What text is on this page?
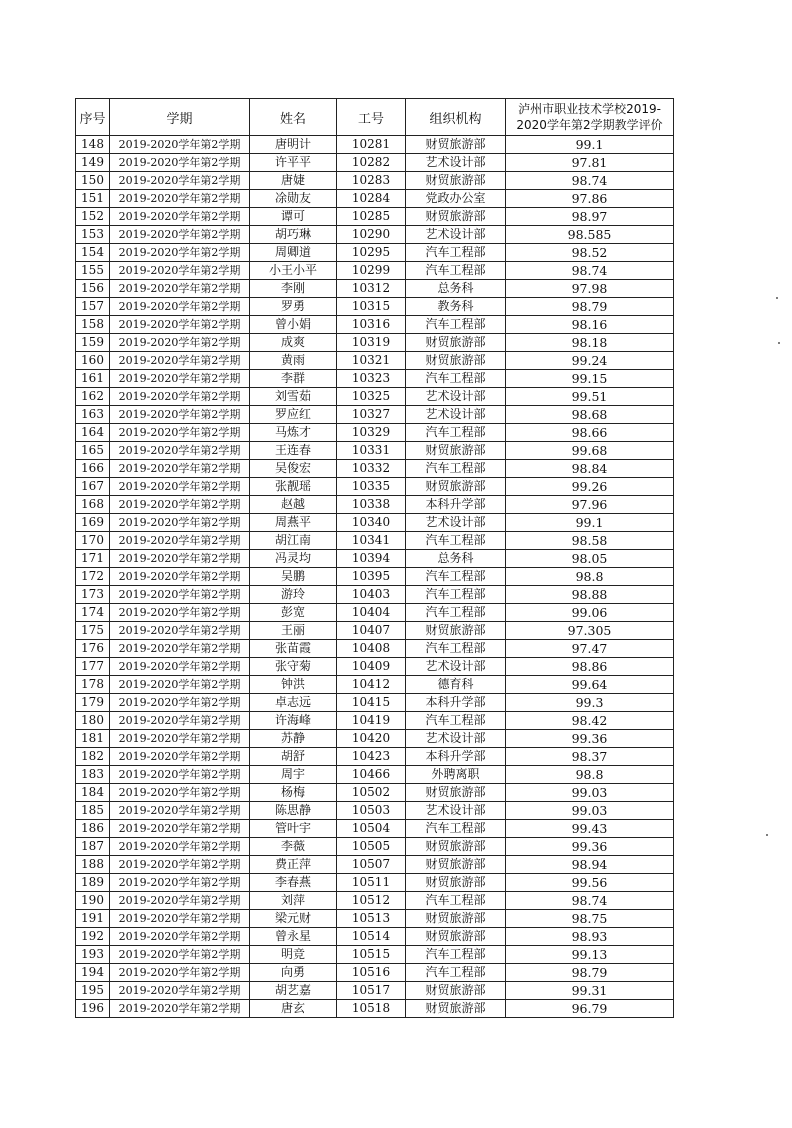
序号	学期	姓名	工号	组织机构	泸州市职业技术学校2019-2020学年第2学期教学评价
148	2019-2020学年第2学期	唐明计	10281	财贸旅游部	99.1
149	2019-2020学年第2学期	许平平	10282	艺术设计部	97.81
150	2019-2020学年第2学期	唐婕	10283	财贸旅游部	98.74
151	2019-2020学年第2学期	凃勋友	10284	党政办公室	97.86
152	2019-2020学年第2学期	谭可	10285	财贸旅游部	98.97
153	2019-2020学年第2学期	胡巧琳	10290	艺术设计部	98.585
154	2019-2020学年第2学期	周卿道	10295	汽车工程部	98.52
155	2019-2020学年第2学期	小王小平	10299	汽车工程部	98.74
156	2019-2020学年第2学期	李刚	10312	总务科	97.98
157	2019-2020学年第2学期	罗勇	10315	教务科	98.79
158	2019-2020学年第2学期	曾小娟	10316	汽车工程部	98.16
159	2019-2020学年第2学期	成爽	10319	财贸旅游部	98.18
160	2019-2020学年第2学期	黄雨	10321	财贸旅游部	99.24
161	2019-2020学年第2学期	李群	10323	汽车工程部	99.15
162	2019-2020学年第2学期	刘雪茹	10325	艺术设计部	99.51
163	2019-2020学年第2学期	罗应红	10327	艺术设计部	98.68
164	2019-2020学年第2学期	马炼才	10329	汽车工程部	98.66
165	2019-2020学年第2学期	王连春	10331	财贸旅游部	99.68
166	2019-2020学年第2学期	吴俊宏	10332	汽车工程部	98.84
167	2019-2020学年第2学期	张靓瑶	10335	财贸旅游部	99.26
168	2019-2020学年第2学期	赵越	10338	本科升学部	97.96
169	2019-2020学年第2学期	周燕平	10340	艺术设计部	99.1
170	2019-2020学年第2学期	胡江南	10341	汽车工程部	98.58
171	2019-2020学年第2学期	冯灵均	10394	总务科	98.05
172	2019-2020学年第2学期	吴鹏	10395	汽车工程部	98.8
173	2019-2020学年第2学期	游玲	10403	汽车工程部	98.88
174	2019-2020学年第2学期	彭宽	10404	汽车工程部	99.06
175	2019-2020学年第2学期	王丽	10407	财贸旅游部	97.305
176	2019-2020学年第2学期	张苗霞	10408	汽车工程部	97.47
177	2019-2020学年第2学期	张守菊	10409	艺术设计部	98.86
178	2019-2020学年第2学期	钟洪	10412	德育科	99.64
179	2019-2020学年第2学期	卓志远	10415	本科升学部	99.3
180	2019-2020学年第2学期	许海峰	10419	汽车工程部	98.42
181	2019-2020学年第2学期	苏静	10420	艺术设计部	99.36
182	2019-2020学年第2学期	胡舒	10423	本科升学部	98.37
183	2019-2020学年第2学期	周宇	10466	外聘离职	98.8
184	2019-2020学年第2学期	杨梅	10502	财贸旅游部	99.03
185	2019-2020学年第2学期	陈思静	10503	艺术设计部	99.03
186	2019-2020学年第2学期	管叶宇	10504	汽车工程部	99.43
187	2019-2020学年第2学期	李薇	10505	财贸旅游部	99.36
188	2019-2020学年第2学期	费正萍	10507	财贸旅游部	98.94
189	2019-2020学年第2学期	李春燕	10511	财贸旅游部	99.56
190	2019-2020学年第2学期	刘萍	10512	汽车工程部	98.74
191	2019-2020学年第2学期	梁元财	10513	财贸旅游部	98.75
192	2019-2020学年第2学期	曾永星	10514	财贸旅游部	98.93
193	2019-2020学年第2学期	明竞	10515	汽车工程部	99.13
194	2019-2020学年第2学期	向勇	10516	汽车工程部	98.79
195	2019-2020学年第2学期	胡艺嘉	10517	财贸旅游部	99.31
196	2019-2020学年第2学期	唐玄	10518	财贸旅游部	96.79
